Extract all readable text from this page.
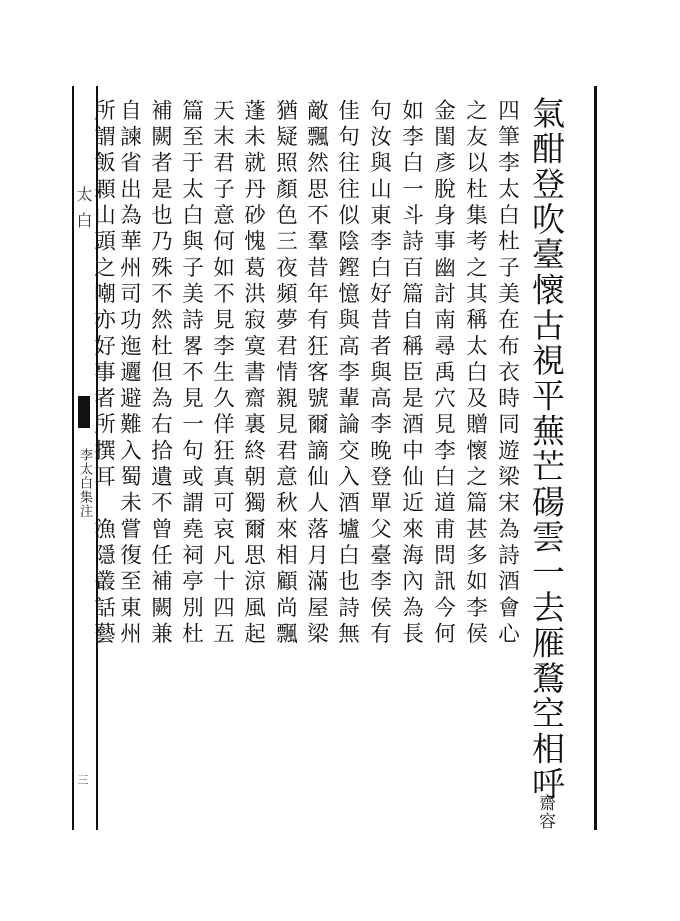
太白
李太白集注
三	氣酣登吹臺懷古視平蕪芒碭雲一去雁鶩空相呼
齋容
四筆李太白杜子美在布衣時同遊梁宋為詩酒會心
之友以杜集考之其稱太白及贈懷之篇甚多如李侯
金閨彥脫身事幽討南尋禹穴見李白道甫問訊今何
如李白一斗詩百篇自稱臣是酒中仙近來海內為長
句汝與山東李白好昔者與高李晚登單父臺李侯有
佳句往往似陰鏗憶與高李輩論交入酒壚白也詩無
敵飄然思不羣昔年有狂客號爾謫仙人落月滿屋梁
猶疑照顏色三夜頻夢君情親見君意秋來相顧尚飄
蓬未就丹砂愧葛洪寂寞書齋裏終朝獨爾思涼風起
天末君子意何如不見李生久佯狂真可哀凡十四五
篇至于太白與子美詩畧不見一句或謂堯祠亭別杜
補闕者是也乃殊不然杜但為右拾遺不曾任補闕兼
自諫省出為華州司功迤邐避難入蜀未嘗復至東州
所謂飯顆山頭之嘲亦好事者所撰耳　漁隱叢話藝
